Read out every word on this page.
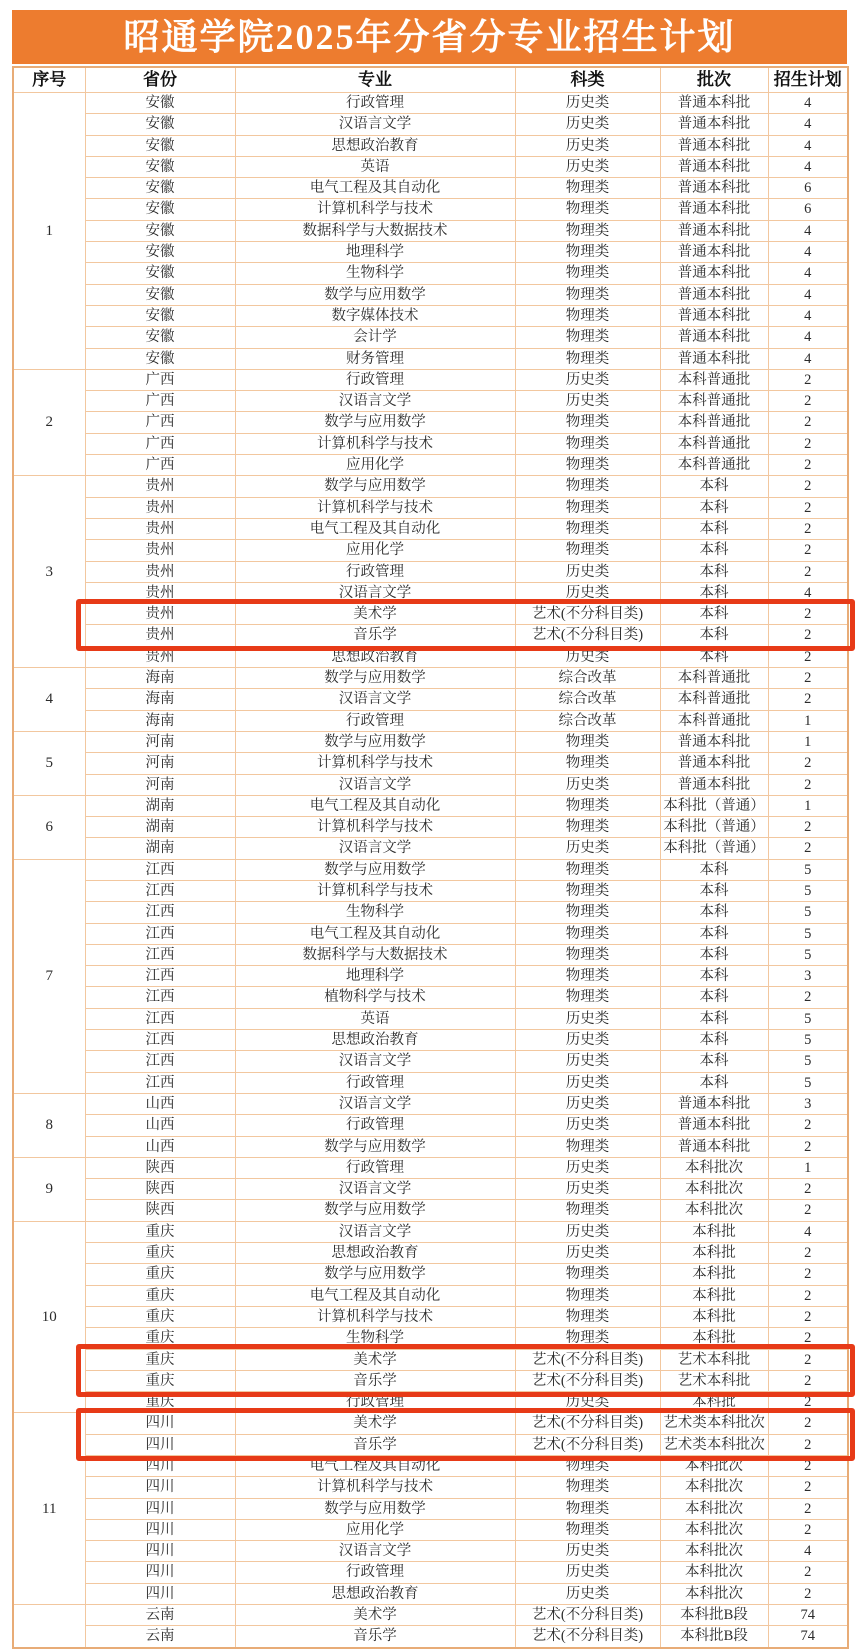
昭通学院2025年分省分专业招生计划
序号	省份	专业	科类	批次	招生计划
1	安徽	行政管理	历史类	普通本科批	4
	安徽	汉语言文学	历史类	普通本科批	4
	安徽	思想政治教育	历史类	普通本科批	4
	安徽	英语	历史类	普通本科批	4
	安徽	电气工程及其自动化	物理类	普通本科批	6
	安徽	计算机科学与技术	物理类	普通本科批	6
	安徽	数据科学与大数据技术	物理类	普通本科批	4
	安徽	地理科学	物理类	普通本科批	4
	安徽	生物科学	物理类	普通本科批	4
	安徽	数学与应用数学	物理类	普通本科批	4
	安徽	数字媒体技术	物理类	普通本科批	4
	安徽	会计学	物理类	普通本科批	4
	安徽	财务管理	物理类	普通本科批	4
2	广西	行政管理	历史类	本科普通批	2
	广西	汉语言文学	历史类	本科普通批	2
	广西	数学与应用数学	物理类	本科普通批	2
	广西	计算机科学与技术	物理类	本科普通批	2
	广西	应用化学	物理类	本科普通批	2
3	贵州	数学与应用数学	物理类	本科	2
	贵州	计算机科学与技术	物理类	本科	2
	贵州	电气工程及其自动化	物理类	本科	2
	贵州	应用化学	物理类	本科	2
	贵州	行政管理	历史类	本科	2
	贵州	汉语言文学	历史类	本科	4
	贵州	美术学	艺术(不分科目类)	本科	2
	贵州	音乐学	艺术(不分科目类)	本科	2
	贵州	思想政治教育	历史类	本科	2
4	海南	数学与应用数学	综合改革	本科普通批	2
	海南	汉语言文学	综合改革	本科普通批	2
	海南	行政管理	综合改革	本科普通批	1
5	河南	数学与应用数学	物理类	普通本科批	1
	河南	计算机科学与技术	物理类	普通本科批	2
	河南	汉语言文学	历史类	普通本科批	2
6	湖南	电气工程及其自动化	物理类	本科批（普通）	1
	湖南	计算机科学与技术	物理类	本科批（普通）	2
	湖南	汉语言文学	历史类	本科批（普通）	2
7	江西	数学与应用数学	物理类	本科	5
	江西	计算机科学与技术	物理类	本科	5
	江西	生物科学	物理类	本科	5
	江西	电气工程及其自动化	物理类	本科	5
	江西	数据科学与大数据技术	物理类	本科	5
	江西	地理科学	物理类	本科	3
	江西	植物科学与技术	物理类	本科	2
	江西	英语	历史类	本科	5
	江西	思想政治教育	历史类	本科	5
	江西	汉语言文学	历史类	本科	5
	江西	行政管理	历史类	本科	5
8	山西	汉语言文学	历史类	普通本科批	3
	山西	行政管理	历史类	普通本科批	2
	山西	数学与应用数学	物理类	普通本科批	2
9	陕西	行政管理	历史类	本科批次	1
	陕西	汉语言文学	历史类	本科批次	2
	陕西	数学与应用数学	物理类	本科批次	2
10	重庆	汉语言文学	历史类	本科批	4
	重庆	思想政治教育	历史类	本科批	2
	重庆	数学与应用数学	物理类	本科批	2
	重庆	电气工程及其自动化	物理类	本科批	2
	重庆	计算机科学与技术	物理类	本科批	2
	重庆	生物科学	物理类	本科批	2
	重庆	美术学	艺术(不分科目类)	艺术本科批	2
	重庆	音乐学	艺术(不分科目类)	艺术本科批	2
	重庆	行政管理	历史类	本科批	2
11	四川	美术学	艺术(不分科目类)	艺术类本科批次	2
	四川	音乐学	艺术(不分科目类)	艺术类本科批次	2
	四川	电气工程及其自动化	物理类	本科批次	2
	四川	计算机科学与技术	物理类	本科批次	2
	四川	数学与应用数学	物理类	本科批次	2
	四川	应用化学	物理类	本科批次	2
	四川	汉语言文学	历史类	本科批次	4
	四川	行政管理	历史类	本科批次	2
	四川	思想政治教育	历史类	本科批次	2
	云南	美术学	艺术(不分科目类)	本科批B段	74
	云南	音乐学	艺术(不分科目类)	本科批B段	74
